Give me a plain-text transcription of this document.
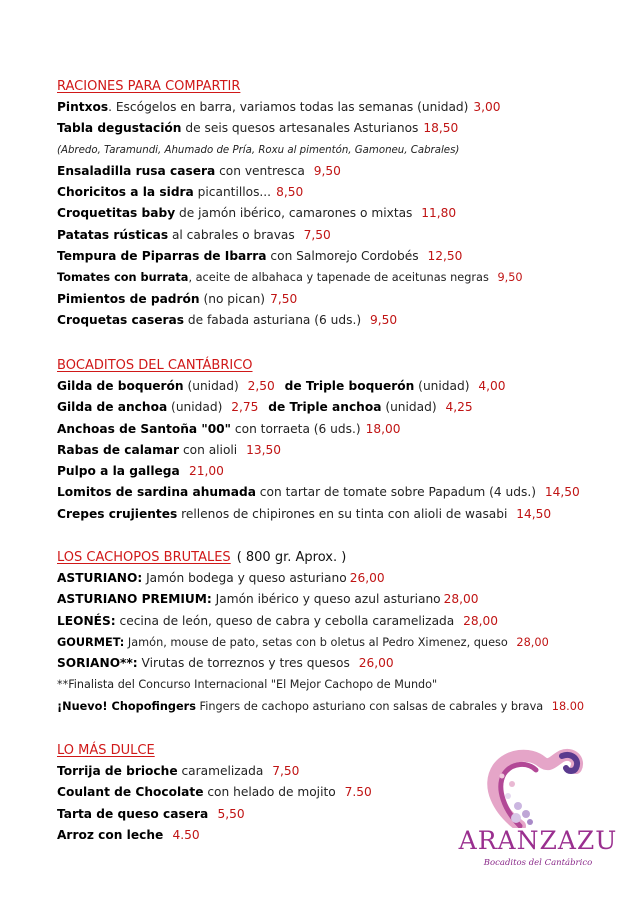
RACIONES PARA COMPARTIR
Pintxos. Escógelos en barra, variamos todas las semanas (unidad) 3,00
Tabla degustación de seis quesos artesanales Asturianos 18,50
(Abredo, Taramundi, Ahumado de Pría, Roxu al pimentón, Gamoneu, Cabrales)
Ensaladilla rusa casera con ventresca 9,50
Choricitos a la sidra picantillos... 8,50
Croquetitas baby de jamón ibérico, camarones o mixtas 11,80
Patatas rústicas al cabrales o bravas 7,50
Tempura de Piparras de Ibarra con Salmorejo Cordobés 12,50
Tomates con burrata, aceite de albahaca y tapenade de aceitunas negras 9,50
Pimientos de padrón (no pican) 7,50
Croquetas caseras de fabada asturiana (6 uds.) 9,50
BOCADITOS DEL CANTÁBRICO
Gilda de boquerón (unidad) 2,50 de Triple boquerón (unidad) 4,00
Gilda de anchoa (unidad) 2,75 de Triple anchoa (unidad) 4,25
Anchoas de Santoña "00" con torraeta (6 uds.) 18,00
Rabas de calamar con alioli 13,50
Pulpo a la gallega 21,00
Lomitos de sardina ahumada con tartar de tomate sobre Papadum (4 uds.) 14,50
Crepes crujientes rellenos de chipirones en su tinta con alioli de wasabi 14,50
LOS CACHOPOS BRUTALES ( 800 gr. Aprox. )
ASTURIANO: Jamón bodega y queso asturiano 26,00
ASTURIANO PREMIUM: Jamón ibérico y queso azul asturiano 28,00
LEONÉS: cecina de león, queso de cabra y cebolla caramelizada 28,00
GOURMET: Jamón, mouse de pato, setas con b oletus al Pedro Ximenez, queso 28,00
SORIANO**: Virutas de torreznos y tres quesos 26,00
**Finalista del Concurso Internacional "El Mejor Cachopo de Mundo"
¡Nuevo! Chopofingers Fingers de cachopo asturiano con salsas de cabrales y brava 18.00
LO MÁS DULCE
Torrija de brioche caramelizada 7,50
Coulant de Chocolate con helado de mojito 7.50
Tarta de queso casera 5,50
Arroz con leche 4.50	ARANZAZU
Bocaditos del Cantábrico
